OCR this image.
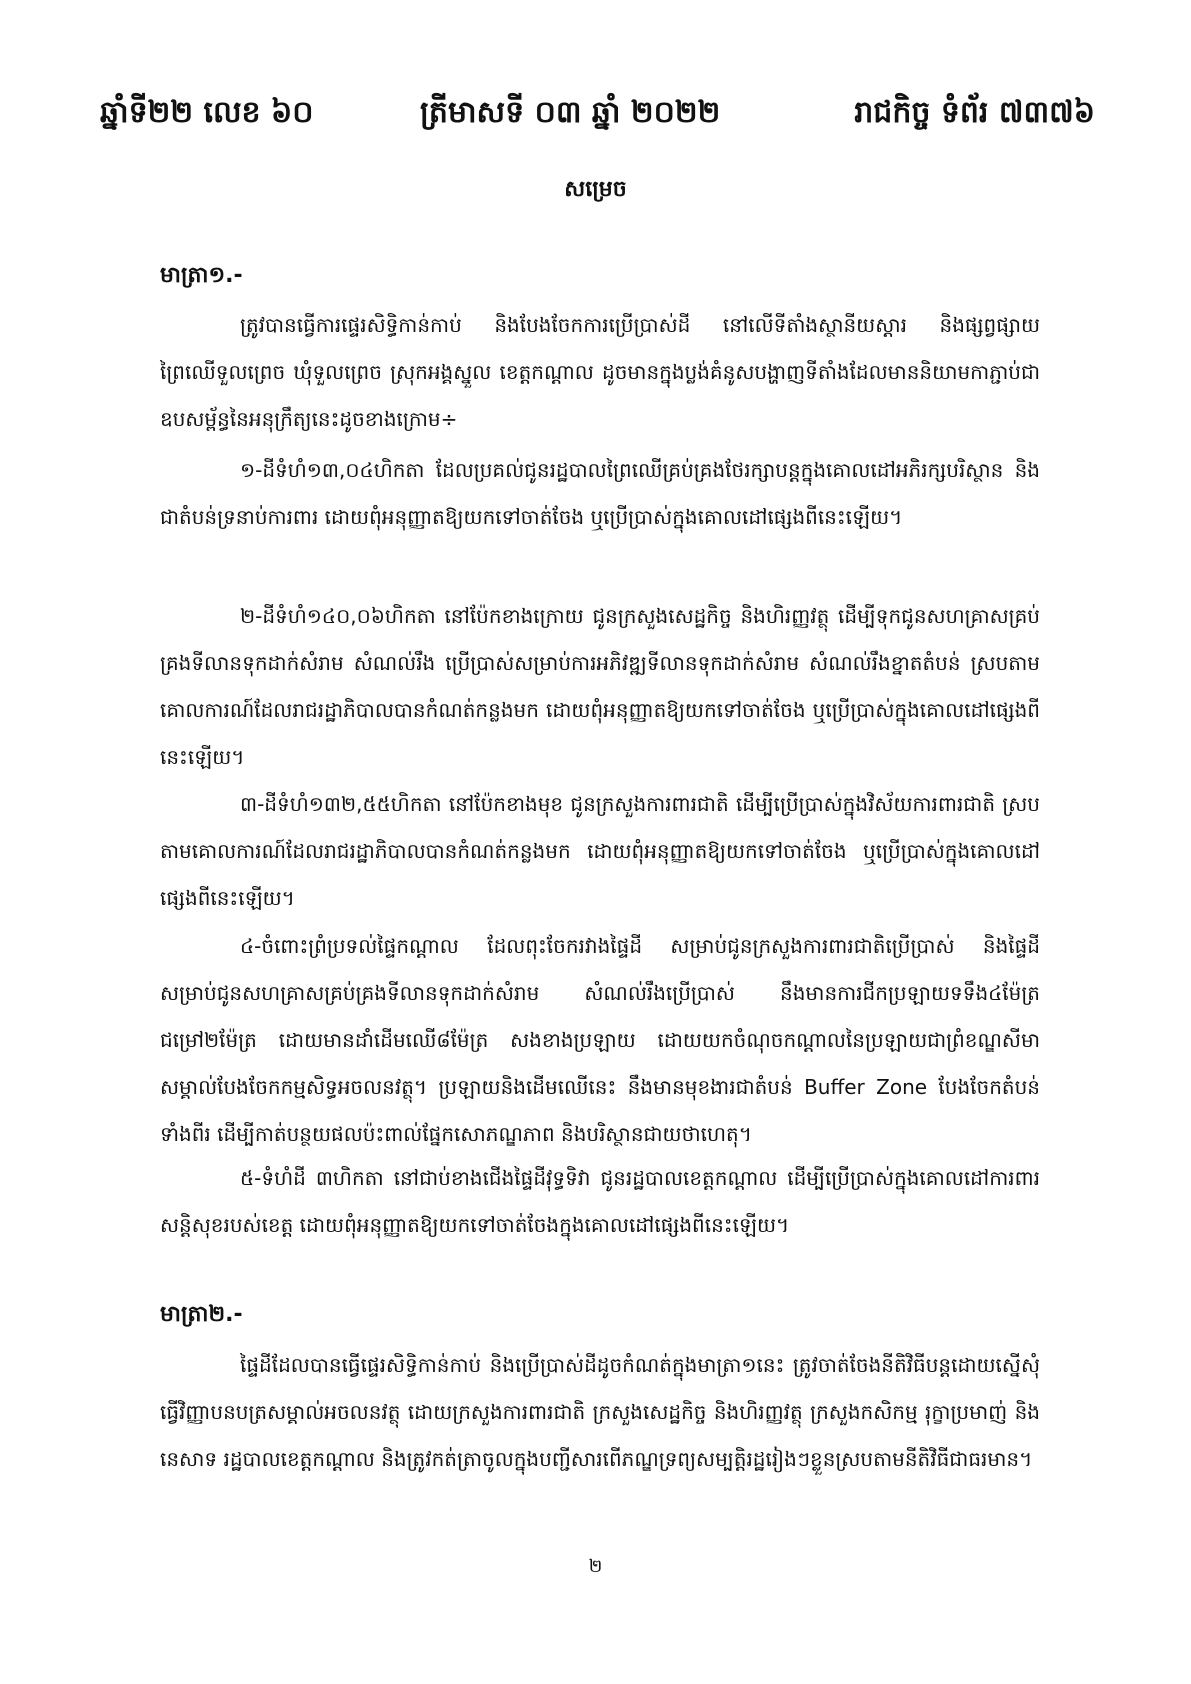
ឆ្នាំទី២២ លេខ ៦០	ត្រីមាសទី ០៣ ឆ្នាំ ២០២២	រាជកិច្ច ទំព័រ ៧៣៧៦
សម្រេច
មាត្រា១.-

ត្រូវបានធ្វើការផ្ទេរសិទ្ធិកាន់កាប់ និងបែងចែកការប្រើប្រាស់ដី នៅលើទីតាំងស្ថានីយស្តារ និងផ្សព្វផ្សាយព្រៃឈើទួលព្រេច ឃុំទួលព្រេច ស្រុកអង្គស្នួល ខេត្តកណ្តាល ដូចមានក្នុងប្លង់គំនូសបង្ហាញទីតាំងដែលមាននិយាមកាភ្ជាប់ជាឧបសម្ព័ន្ធនៃអនុក្រឹត្យនេះដូចខាងក្រោម÷

១-ដីទំហំ១៣,០៤ហិកតា ដែលប្រគល់ជូនរដ្ឋបាលព្រៃឈើគ្រប់គ្រងថែរក្សាបន្តក្នុងគោលដៅអភិរក្សបរិស្ថាន និងជាតំបន់ទ្រនាប់ការពារ ដោយពុំអនុញ្ញាតឱ្យយកទៅចាត់ចែង ឬប្រើប្រាស់ក្នុងគោលដៅផ្សេងពីនេះឡើយ។

២-ដីទំហំ១៤០,០៦ហិកតា នៅប៉ែកខាងក្រោយ ជូនក្រសួងសេដ្ឋកិច្ច និងហិរញ្ញវត្ថុ ដើម្បីទុកជូនសហគ្រាសគ្រប់គ្រងទីលានទុកដាក់សំរាម សំណល់រឹង ប្រើប្រាស់សម្រាប់ការអភិវឌ្ឍទីលានទុកដាក់សំរាម សំណល់រឹងខ្នាតតំបន់ ស្របតាមគោលការណ៍ដែលរាជរដ្ឋាភិបាលបានកំណត់កន្លងមក ដោយពុំអនុញ្ញាតឱ្យយកទៅចាត់ចែង ឬប្រើប្រាស់ក្នុងគោលដៅផ្សេងពីនេះឡើយ។

៣-ដីទំហំ១៣២,៥៥ហិកតា នៅប៉ែកខាងមុខ ជូនក្រសួងការពារជាតិ ដើម្បីប្រើប្រាស់ក្នុងវិស័យការពារជាតិ ស្របតាមគោលការណ៍ដែលរាជរដ្ឋាភិបាលបានកំណត់កន្លងមក ដោយពុំអនុញ្ញាតឱ្យយកទៅចាត់ចែង ឬប្រើប្រាស់ក្នុងគោលដៅផ្សេងពីនេះឡើយ។

៤-ចំពោះព្រំប្រទល់ផ្ទៃកណ្តាល ដែលពុះចែករវាងផ្ទៃដី សម្រាប់ជូនក្រសួងការពារជាតិប្រើប្រាស់ និងផ្ទៃដីសម្រាប់ជូនសហគ្រាសគ្រប់គ្រងទីលានទុកដាក់សំរាម សំណល់រឹងប្រើប្រាស់ នឹងមានការជីកប្រឡាយទទឹង៤ម៉ែត្រ ជម្រៅ២ម៉ែត្រ ដោយមានដាំដើមឈើ៨ម៉ែត្រ សងខាងប្រឡាយ ដោយយកចំណុចកណ្តាលនៃប្រឡាយជាព្រំខណ្ឌសីមាសម្គាល់បែងចែកកម្មសិទ្ធអចលនវត្ថុ។ ប្រឡាយនិងដើមឈើនេះ នឹងមានមុខងារជាតំបន់ Buffer Zone បែងចែកតំបន់ទាំងពីរ ដើម្បីកាត់បន្ថយផលប៉ះពាល់ផ្នែកសោភណ្ឌភាព និងបរិស្ថានជាយថាហេតុ។

៥-ទំហំដី ៣ហិកតា នៅជាប់ខាងជើងផ្ទៃដីវុទ្ធទិវា ជូនរដ្ឋបាលខេត្តកណ្តាល ដើម្បីប្រើប្រាស់ក្នុងគោលដៅការពារសន្តិសុខរបស់ខេត្ត ដោយពុំអនុញ្ញាតឱ្យយកទៅចាត់ចែងក្នុងគោលដៅផ្សេងពីនេះឡើយ។

មាត្រា២.-

ផ្ទៃដីដែលបានធ្វើផ្ទេរសិទ្ធិកាន់កាប់ និងប្រើប្រាស់ដីដូចកំណត់ក្នុងមាត្រា១នេះ ត្រូវចាត់ចែងនីតិវិធីបន្តដោយស្នើសុំធ្វើវិញ្ញាបនបត្រសម្គាល់អចលនវត្ថុ ដោយក្រសួងការពារជាតិ ក្រសួងសេដ្ឋកិច្ច និងហិរញ្ញវត្ថុ ក្រសួងកសិកម្ម រុក្ខាប្រមាញ់ និងនេសាទ រដ្ឋបាលខេត្តកណ្តាល និងត្រូវកត់ត្រាចូលក្នុងបញ្ជីសារពើភណ្ឌទ្រព្យសម្បត្តិរដ្ឋរៀងៗខ្លួនស្របតាមនីតិវិធីជាធរមាន។

២
